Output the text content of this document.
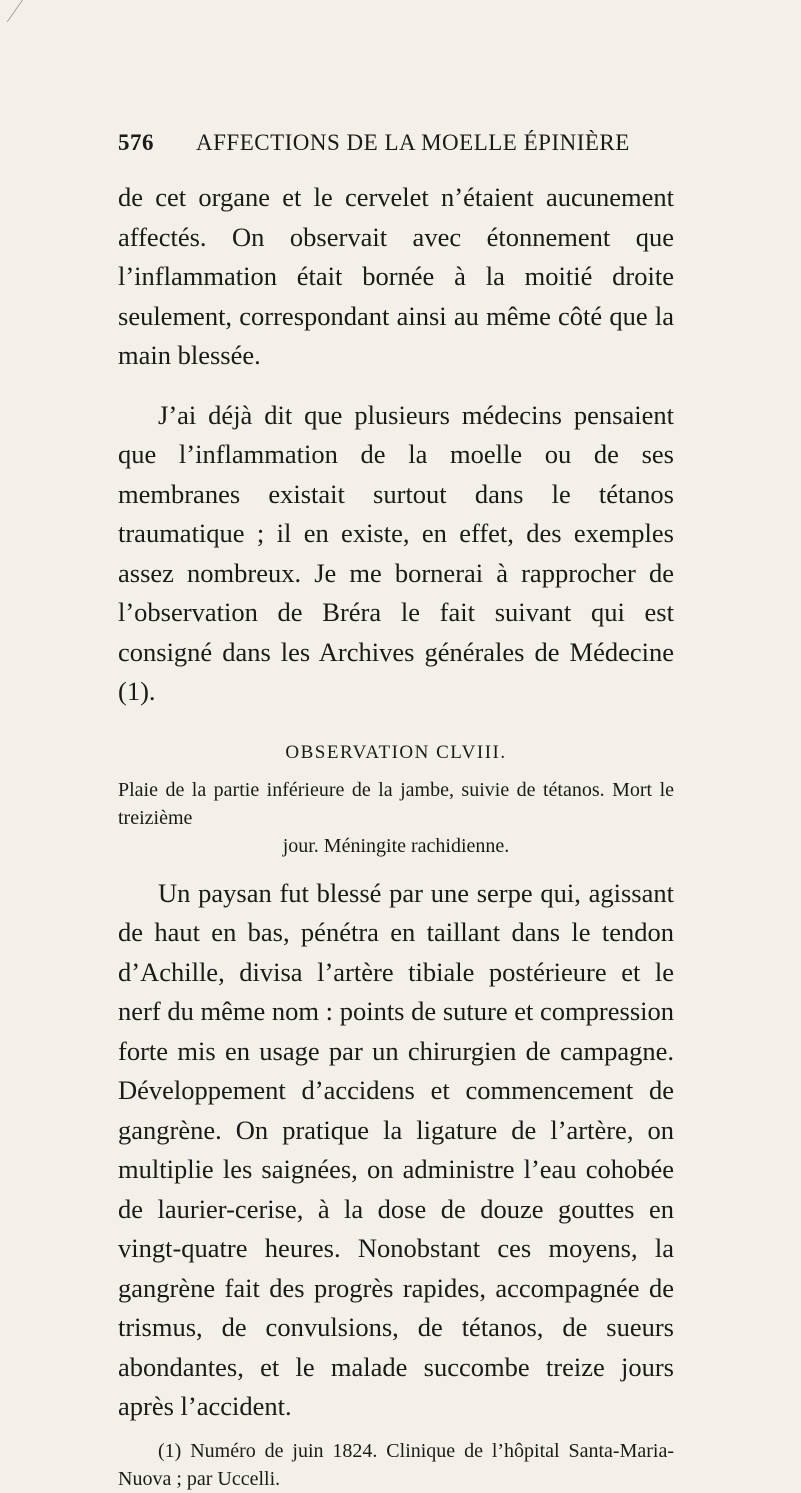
576 AFFECTIONS DE LA MOELLE ÉPINIÈRE

de cet organe et le cervelet n’étaient aucunement affectés. On observait avec étonnement que l’inflammation était bornée à la moitié droite seulement, correspondant ainsi au même côté que la main blessée.

J’ai déjà dit que plusieurs médecins pensaient que l’inflammation de la moelle ou de ses membranes existait surtout dans le tétanos traumatique ; il en existe, en effet, des exemples assez nombreux. Je me bornerai à rapprocher de l’observation de Bréra le fait suivant qui est consigné dans les Archives générales de Médecine (1).

OBSERVATION CLVIII.

Plaie de la partie inférieure de la jambe, suivie de tétanos. Mort le treizième
jour. Méningite rachidienne.

Un paysan fut blessé par une serpe qui, agissant de haut en bas, pénétra en taillant dans le tendon d’Achille, divisa l’artère tibiale postérieure et le nerf du même nom : points de suture et compression forte mis en usage par un chirurgien de campagne. Développement d’accidens et commencement de gangrène. On pratique la ligature de l’artère, on multiplie les saignées, on administre l’eau cohobée de laurier-cerise, à la dose de douze gouttes en vingt-quatre heures. Nonobstant ces moyens, la gangrène fait des progrès rapides, accompagnée de trismus, de convulsions, de tétanos, de sueurs abondantes, et le malade succombe treize jours après l’accident.

(1) Numéro de juin 1824. Clinique de l’hôpital Santa-Maria-Nuova ; par Uccelli.
